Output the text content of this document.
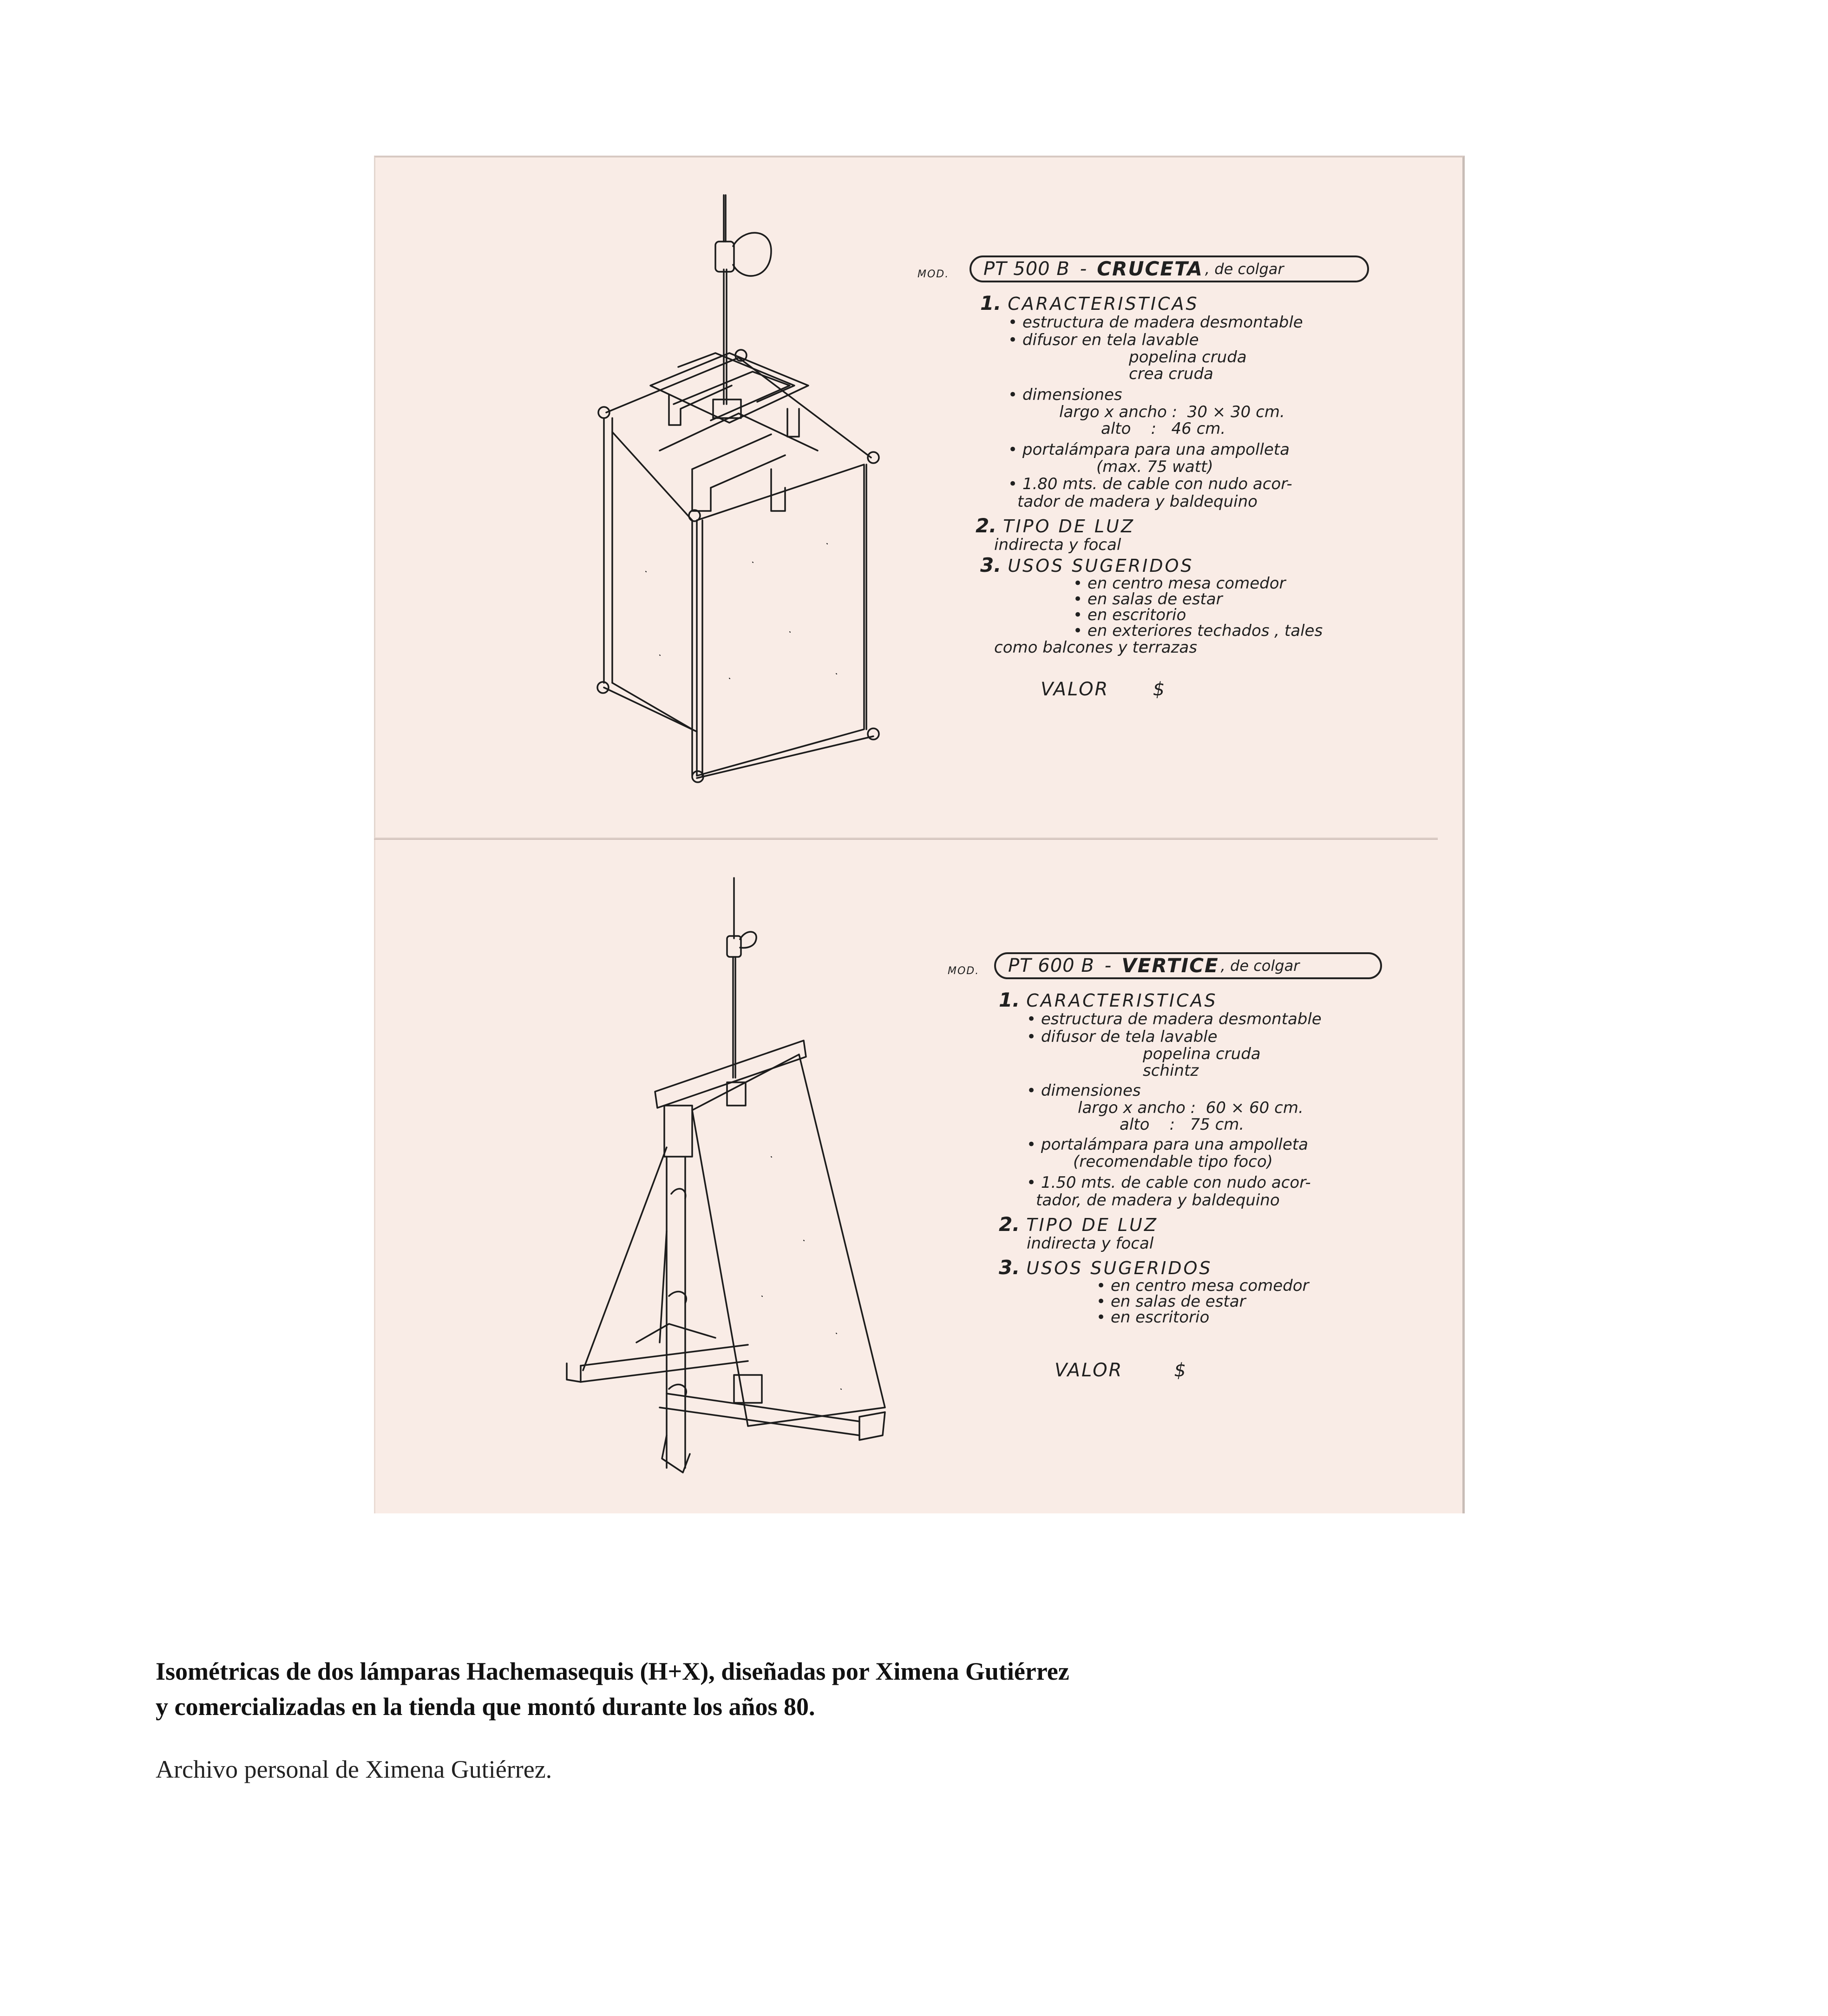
MOD. PT 500 B - CRUCETA , de colgar
1. CARACTERISTICAS
• estructura de madera desmontable
• difusor en tela lavable
popelina cruda
crea cruda
• dimensiones
largo x ancho :  30 × 30 cm.
alto    :   46 cm.
• portalámpara para una ampolleta
(max. 75 watt)
• 1.80 mts. de cable con nudo acor-
tador de madera y baldequino
2. TIPO DE LUZ
indirecta y focal
3. USOS SUGERIDOS
• en centro mesa comedor
• en salas de estar
• en escritorio
• en exteriores techados , tales
como balcones y terrazas
VALOR      $
MOD. PT 600 B - VERTICE , de colgar
1. CARACTERISTICAS
• estructura de madera desmontable
• difusor de tela lavable
popelina cruda
schintz
• dimensiones
largo x ancho :  60 × 60 cm.
alto    :   75 cm.
• portalámpara para una ampolleta
(recomendable tipo foco)
• 1.50 mts. de cable con nudo acor-
tador, de madera y baldequino
2. TIPO DE LUZ
indirecta y focal
3. USOS SUGERIDOS
• en centro mesa comedor
• en salas de estar
• en escritorio
VALOR       $
Isométricas de dos lámparas Hachemasequis (H+X), diseñadas por Ximena Gutiérrez
y comercializadas en la tienda que montó durante los años 80.
Archivo personal de Ximena Gutiérrez.
